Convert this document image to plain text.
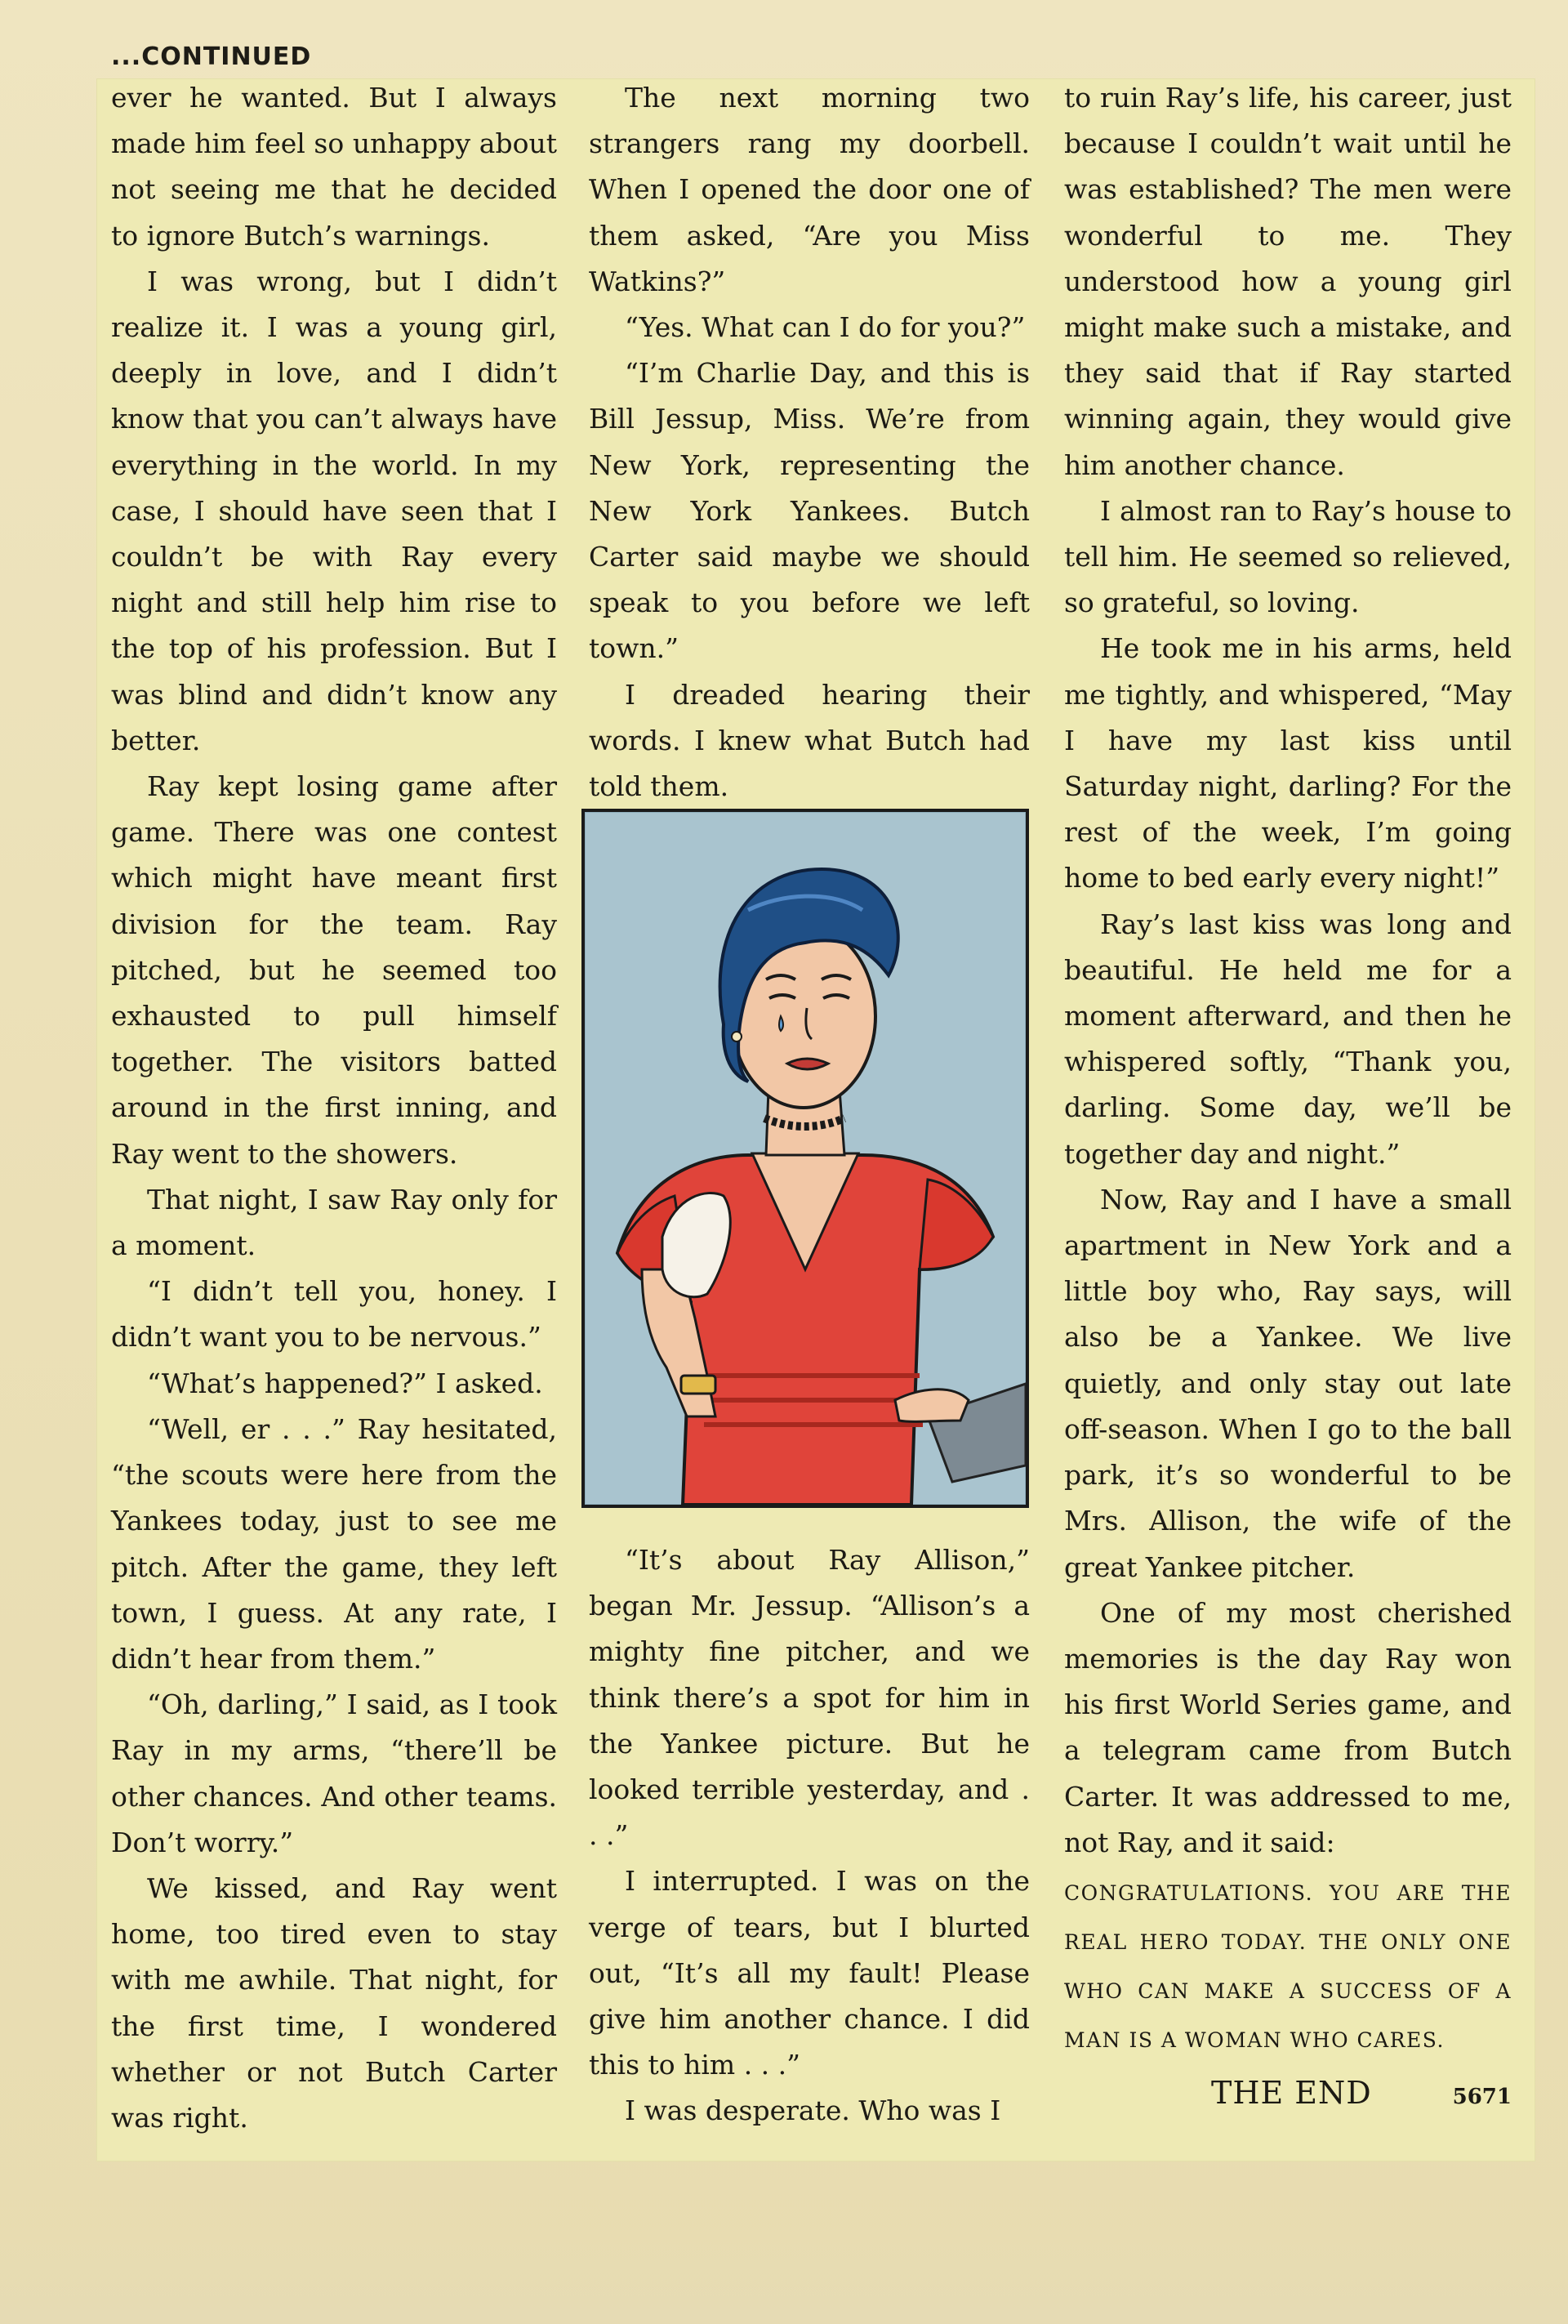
...CONTINUED

ever he wanted. But I always made him feel so unhappy about not seeing me that he decided to ignore Butch’s warnings.

I was wrong, but I didn’t realize it. I was a young girl, deeply in love, and I didn’t know that you can’t always have everything in the world. In my case, I should have seen that I couldn’t be with Ray every night and still help him rise to the top of his profession. But I was blind and didn’t know any better.

Ray kept losing game after game. There was one contest which might have meant first division for the team. Ray pitched, but he seemed too exhausted to pull himself together. The visitors batted around in the first inning, and Ray went to the showers.

That night, I saw Ray only for a moment.

“I didn’t tell you, honey. I didn’t want you to be nervous.”

“What’s happened?” I asked.

“Well, er . . .” Ray hesitated, “the scouts were here from the Yankees today, just to see me pitch. After the game, they left town, I guess. At any rate, I didn’t hear from them.”

“Oh, darling,” I said, as I took Ray in my arms, “there’ll be other chances. And other teams. Don’t worry.”

We kissed, and Ray went home, too tired even to stay with me awhile. That night, for the first time, I wondered whether or not Butch Carter was right.

The next morning two strangers rang my doorbell. When I opened the door one of them asked, “Are you Miss Watkins?”

“Yes. What can I do for you?”

“I’m Charlie Day, and this is Bill Jessup, Miss. We’re from New York, representing the New York Yankees. Butch Carter said maybe we should speak to you before we left town.”

I dreaded hearing their words. I knew what Butch had told them.

“It’s about Ray Allison,” began Mr. Jessup. “Allison’s a mighty fine pitcher, and we think there’s a spot for him in the Yankee picture. But he looked terrible yesterday, and . . .”

I interrupted. I was on the verge of tears, but I blurted out, “It’s all my fault! Please give him another chance. I did this to him . . .”

I was desperate. Who was I

to ruin Ray’s life, his career, just because I couldn’t wait until he was established? The men were wonderful to me. They understood how a young girl might make such a mistake, and they said that if Ray started winning again, they would give him another chance.

I almost ran to Ray’s house to tell him. He seemed so relieved, so grateful, so loving.

He took me in his arms, held me tightly, and whispered, “May I have my last kiss until Saturday night, darling? For the rest of the week, I’m going home to bed early every night!”

Ray’s last kiss was long and beautiful. He held me for a moment afterward, and then he whispered softly, “Thank you, darling. Some day, we’ll be together day and night.”

Now, Ray and I have a small apartment in New York and a little boy who, Ray says, will also be a Yankee. We live quietly, and only stay out late off-season. When I go to the ball park, it’s so wonderful to be Mrs. Allison, the wife of the great Yankee pitcher.

One of my most cherished memories is the day Ray won his first World Series game, and a telegram came from Butch Carter. It was addressed to me, not Ray, and it said:

CONGRATULATIONS. YOU ARE THE REAL HERO TODAY. THE ONLY ONE WHO CAN MAKE A SUCCESS OF A MAN IS A WOMAN WHO CARES.
THE END	5671
